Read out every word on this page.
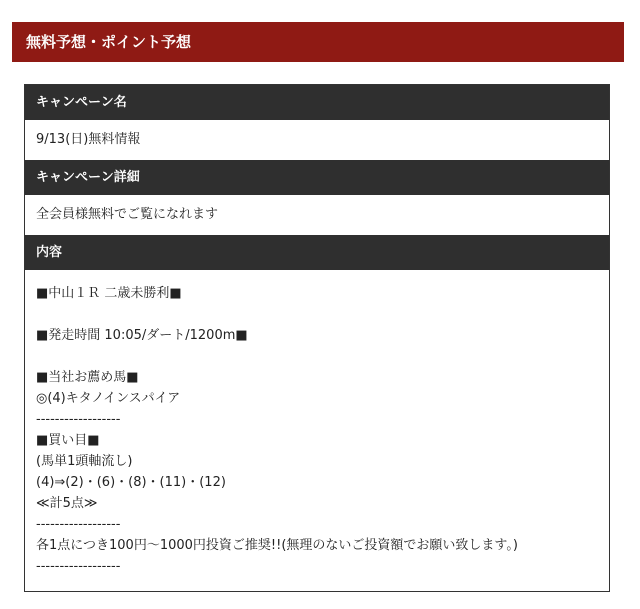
無料予想・ポイント予想
キャンペーン名
9/13(日)無料情報
キャンペーン詳細
全会員様無料でご覧になれます
内容
■中山１Ｒ 二歳未勝利■
■発走時間 10:05/ダート/1200m■
■当社お薦め馬■
◎(4)キタノインスパイア
------------------
■買い目■
(馬単1頭軸流し)
(4)⇒(2)・(6)・(8)・(11)・(12)
≪計5点≫
------------------
各1点につき100円〜1000円投資ご推奨!!(無理のないご投資額でお願い致します。)
------------------
